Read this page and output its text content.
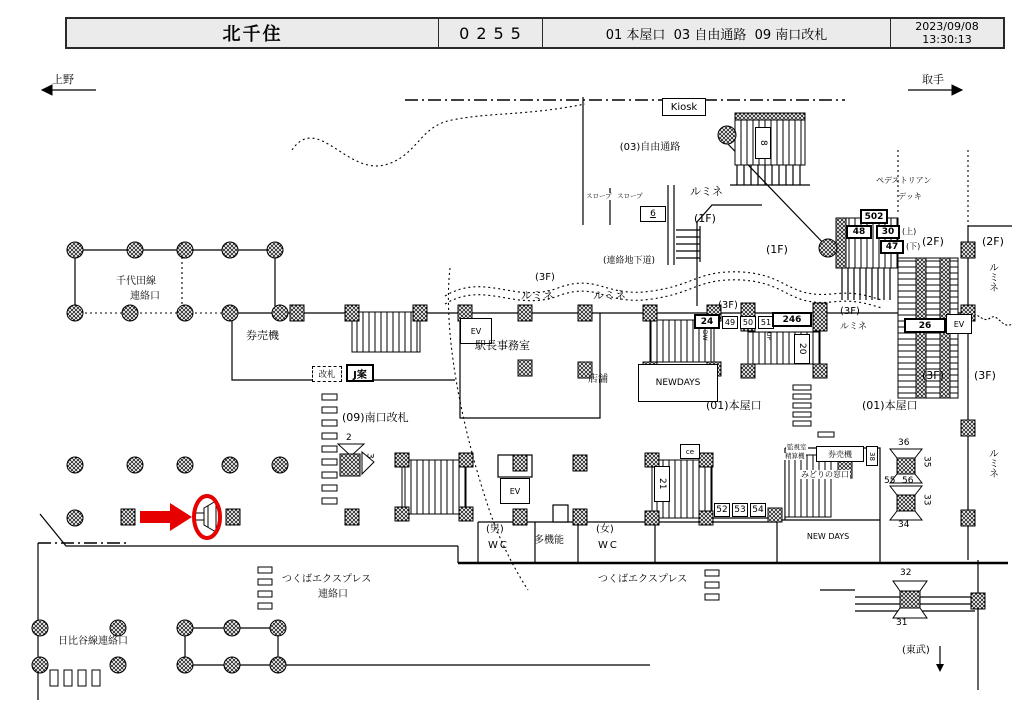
北千住	0255	01 本屋口  03 自由通路  09 南口改札
2023/09/08
13:30:13
上野	取手
Kiosk
(03)自由通路
スロープ スロープ
6
8
ルミネ
(1F)
(連絡地下道)
(1F)
ペデストリアン
デッキ
502
48	30 (上)
47 (下) (2F)	(2F)
ルミネ
ルミネ
千代田線
連絡口
(3F)
ルミネ	ルミネ
券売機	EV
駅長事務室
改札	J案	店舗	NEWDAYS
(3F)
24	49 50 51	246
DW	UP
20
(3F)
ルミネ	26	EV
(3F)	(3F)
(09)南口改札
(01)本屋口	(01)本屋口
2
3
ce
21
EV
(男)
WC	多機能
(女)
WC
52 53 54
監視室
精算機	券売機	38
みどりの窓口
36
35
55 56
33
34
NEW DAYS
つくばエクスプレス
連絡口
つくばエクスプレス
32
31
(東武)
日比谷線連絡口
